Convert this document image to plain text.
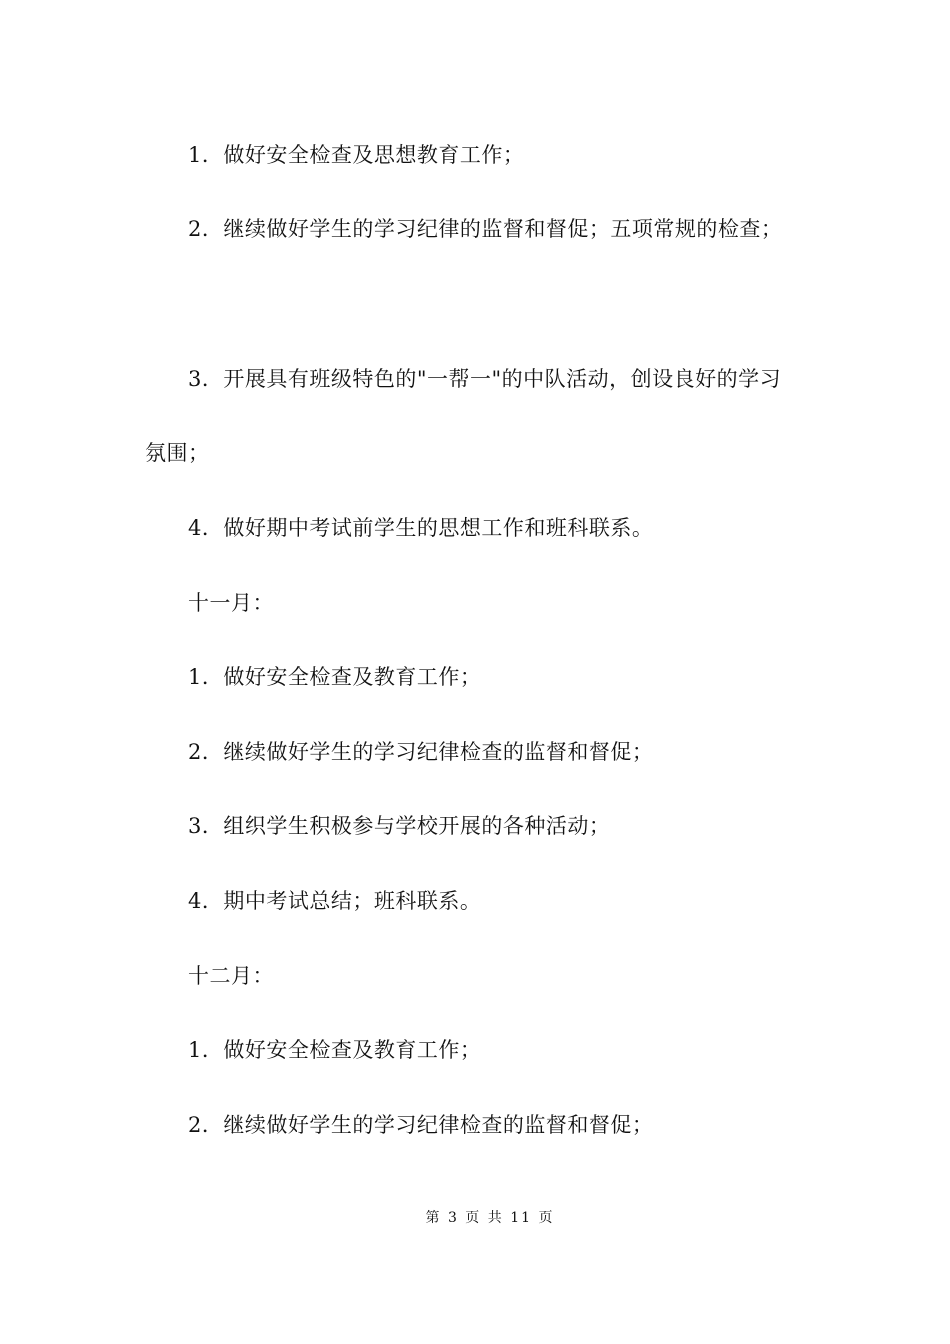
1．做好安全检查及思想教育工作；
2．继续做好学生的学习纪律的监督和督促；五项常规的检查；
3．开展具有班级特色的"一帮一"的中队活动，创设良好的学习
氛围；
4．做好期中考试前学生的思想工作和班科联系。
十一月：
1．做好安全检查及教育工作；
2．继续做好学生的学习纪律检查的监督和督促；
3．组织学生积极参与学校开展的各种活动；
4．期中考试总结；班科联系。
十二月：
1．做好安全检查及教育工作；
2．继续做好学生的学习纪律检查的监督和督促；
第 3 页 共 11 页
